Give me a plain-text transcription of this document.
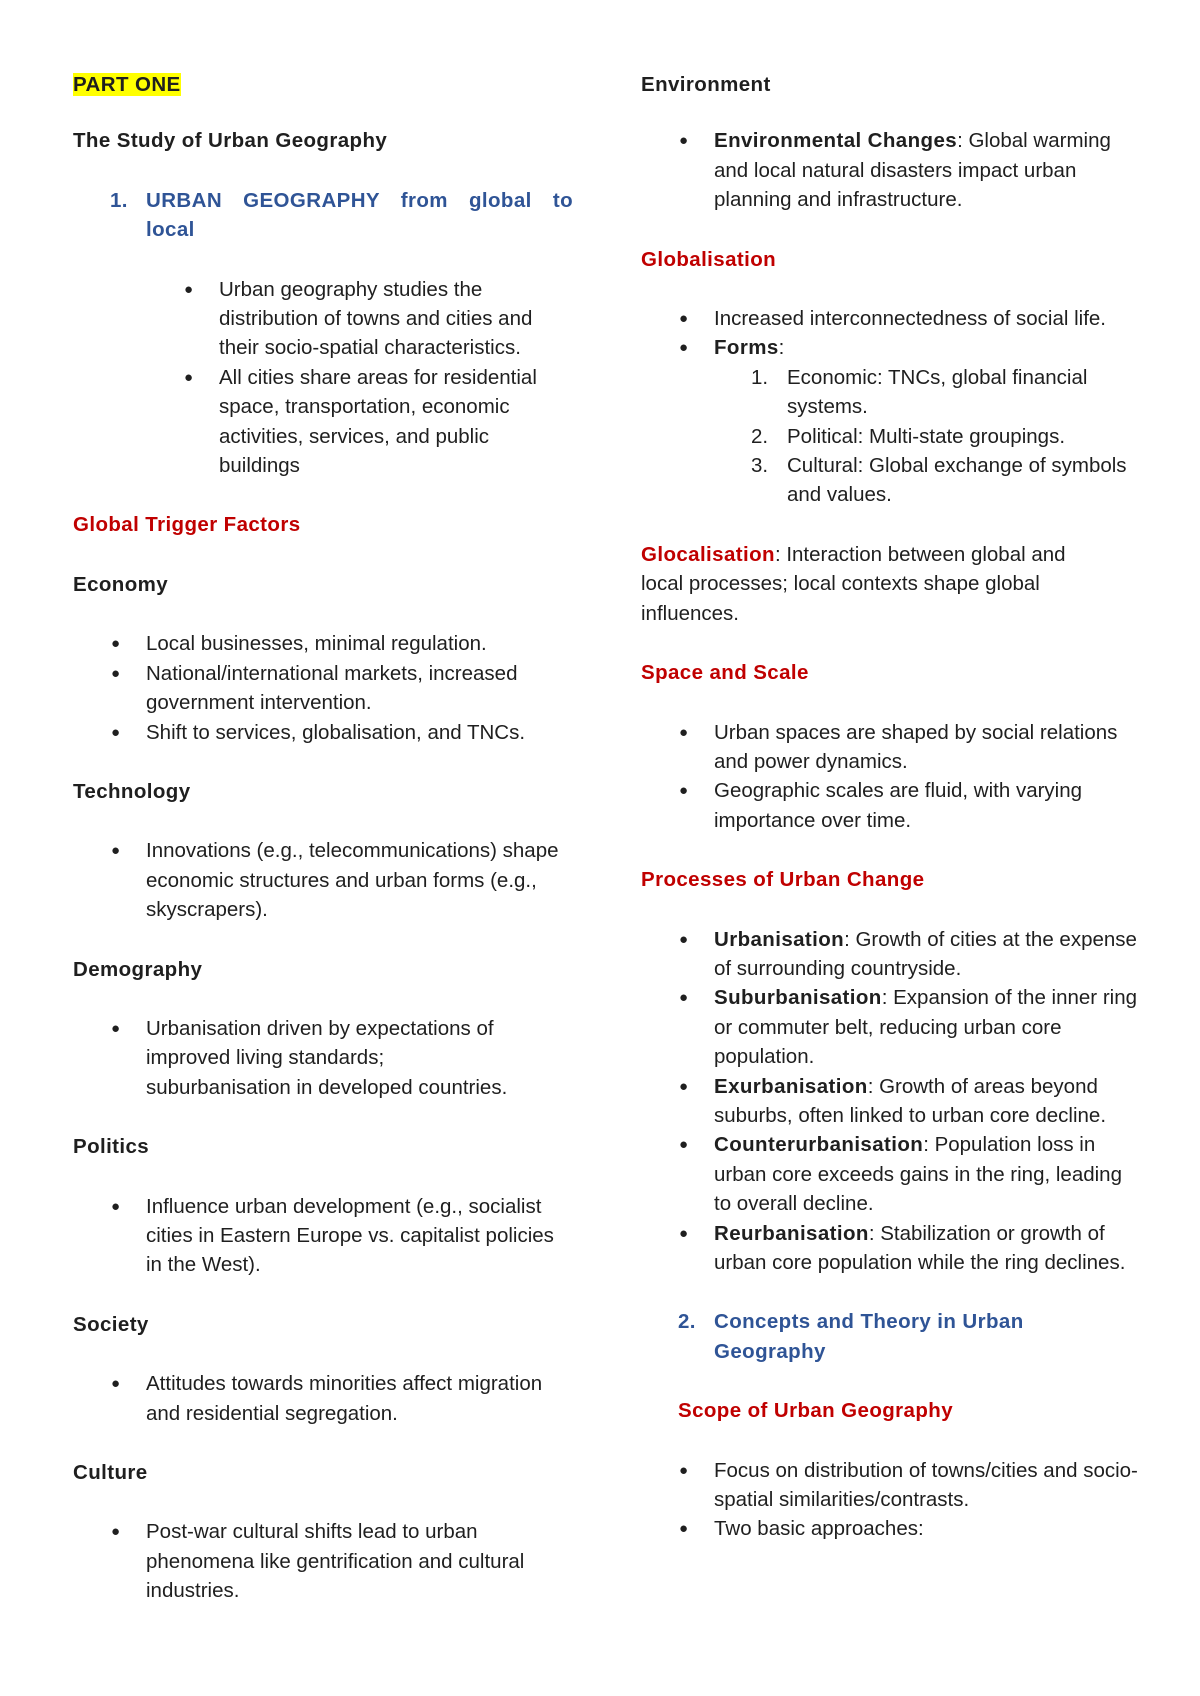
PART ONE

The Study of Urban Geography

1. URBAN GEOGRAPHY from global to local
● Urban geography studies the distribution of towns and cities and their socio-spatial characteristics.
● All cities share areas for residential space, transportation, economic activities, services, and public buildings

Global Trigger Factors

Economy

● Local businesses, minimal regulation.
● National/international markets, increased government intervention.
● Shift to services, globalisation, and TNCs.

Technology

● Innovations (e.g., telecommunications) shape economic structures and urban forms (e.g., skyscrapers).

Demography

● Urbanisation driven by expectations of improved living standards; suburbanisation in developed countries.

Politics

● Influence urban development (e.g., socialist cities in Eastern Europe vs. capitalist policies in the West).

Society

● Attitudes towards minorities affect migration and residential segregation.

Culture

● Post-war cultural shifts lead to urban phenomena like gentrification and cultural industries.

Environment

● Environmental Changes: Global warming and local natural disasters impact urban planning and infrastructure.

Globalisation

● Increased interconnectedness of social life.
● Forms:
1. Economic: TNCs, global financial systems.
2. Political: Multi-state groupings.
3. Cultural: Global exchange of symbols and values.

Glocalisation: Interaction between global and local processes; local contexts shape global influences.

Space and Scale

● Urban spaces are shaped by social relations and power dynamics.
● Geographic scales are fluid, with varying importance over time.

Processes of Urban Change

● Urbanisation: Growth of cities at the expense of surrounding countryside.
● Suburbanisation: Expansion of the inner ring or commuter belt, reducing urban core population.
● Exurbanisation: Growth of areas beyond suburbs, often linked to urban core decline.
● Counterurbanisation: Population loss in urban core exceeds gains in the ring, leading to overall decline.
● Reurbanisation: Stabilization or growth of urban core population while the ring declines.
2. Concepts and Theory in Urban Geography

Scope of Urban Geography

● Focus on distribution of towns/cities and socio-spatial similarities/contrasts.
● Two basic approaches:
